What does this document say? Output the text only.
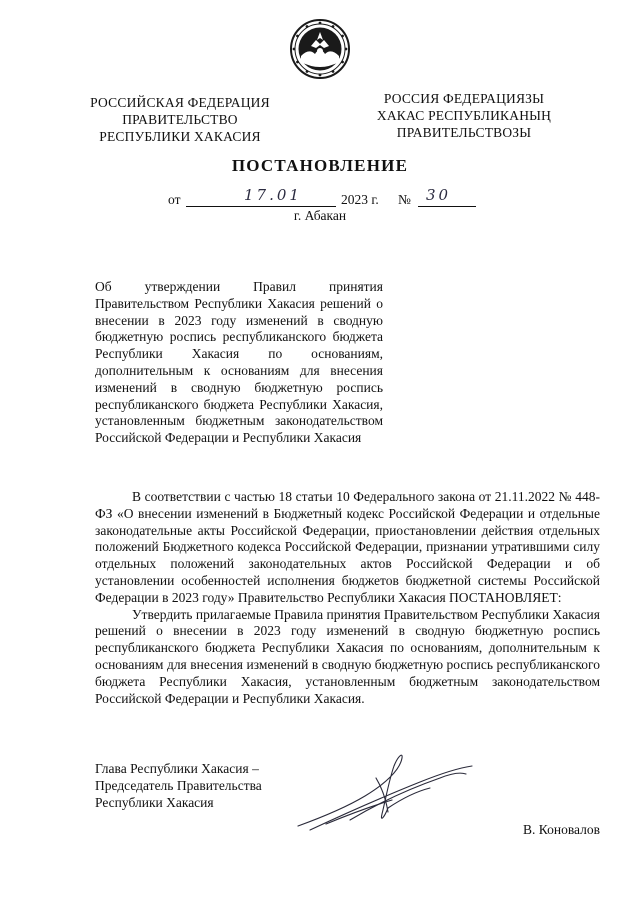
РОССИЙСКАЯ ФЕДЕРАЦИЯ
ПРАВИТЕЛЬСТВО
РЕСПУБЛИКИ ХАКАСИЯ
РОССИЯ ФЕДЕРАЦИЯЗЫ
ХАКАС РЕСПУБЛИКАНЫҢ
ПРАВИТЕЛЬСТВОЗЫ
ПОСТАНОВЛЕНИЕ
от	17.01	2023 г. № 30
г. Абакан
Об утверждении Правил принятия Правительством Республики Хакасия решений о внесении в 2023 году изменений в сводную бюджетную роспись республиканского бюджета Республики Хакасия по основаниям, дополнительным к основаниям для внесения изменений в сводную бюджетную роспись республиканского бюджета Республики Хакасия, установленным бюджетным законодательством Российской Федерации и Республики Хакасия

В соответствии с частью 18 статьи 10 Федерального закона от 21.11.2022 № 448-ФЗ «О внесении изменений в Бюджетный кодекс Российской Федерации и отдельные законодательные акты Российской Федерации, приостановлении действия отдельных положений Бюджетного кодекса Российской Федерации, признании утратившими силу отдельных положений законодательных актов Российской Федерации и об установлении особенностей исполнения бюджетов бюджетной системы Российской Федерации в 2023 году» Правительство Республики Хакасия ПОСТАНОВЛЯЕТ:

Утвердить прилагаемые Правила принятия Правительством Республики Хакасия решений о внесении в 2023 году изменений в сводную бюджетную роспись республиканского бюджета Республики Хакасия по основаниям, дополнительным к основаниям для внесения изменений в сводную бюджетную роспись республиканского бюджета Республики Хакасия, установленным бюджетным законодательством Российской Федерации и Республики Хакасия.

Глава Республики Хакасия –
Председатель Правительства
Республики Хакасия
В. Коновалов
